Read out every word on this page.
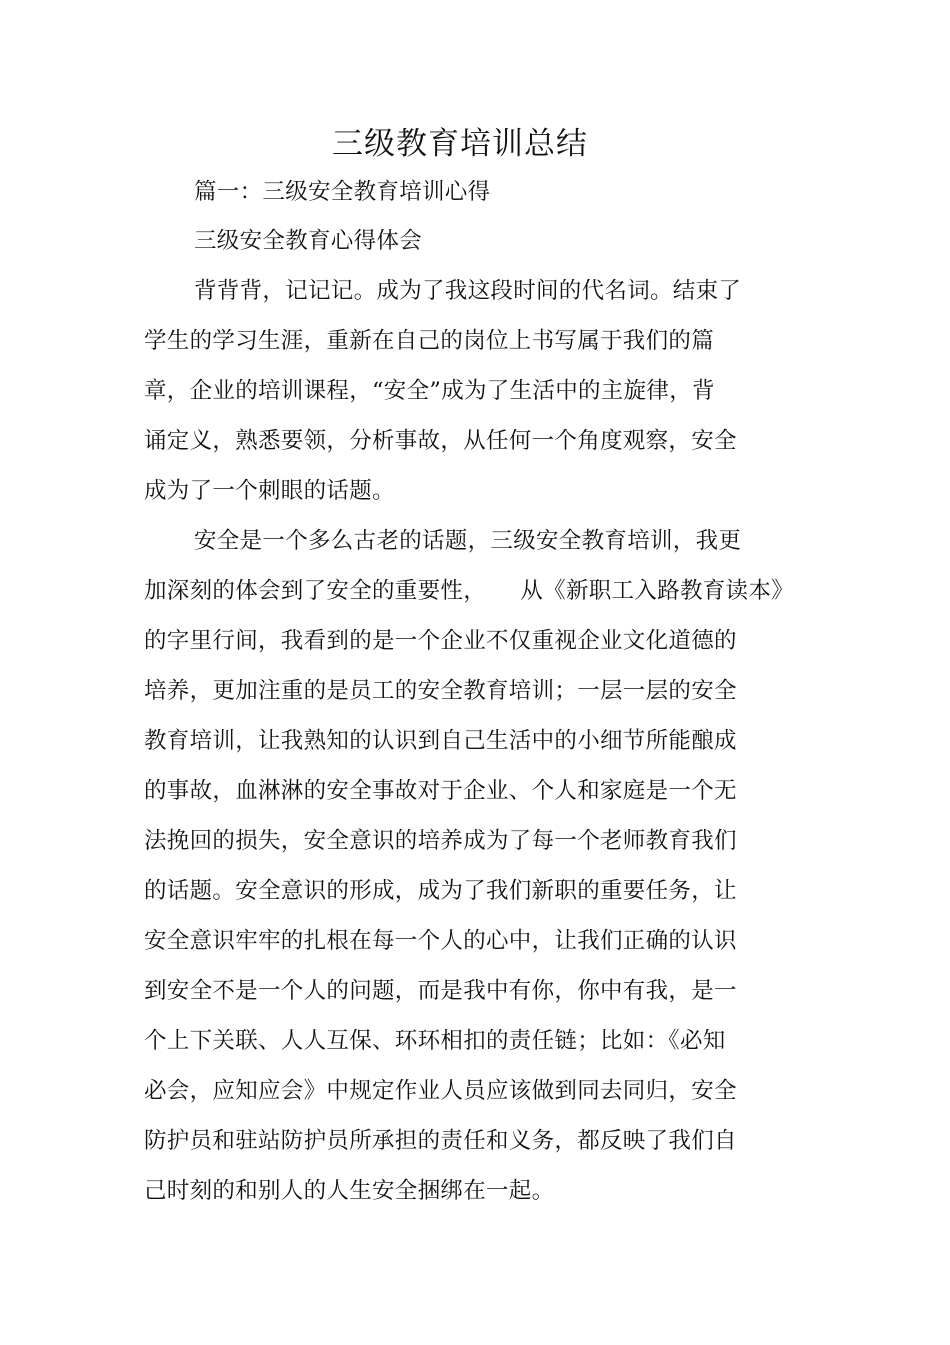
三级教育培训总结
篇一：三级安全教育培训心得
三级安全教育心得体会
背背背，记记记。成为了我这段时间的代名词。结束了
学生的学习生涯，重新在自己的岗位上书写属于我们的篇
章，企业的培训课程，“安全”成为了生活中的主旋律，背
诵定义，熟悉要领，分析事故，从任何一个角度观察，安全
成为了一个刺眼的话题。
安全是一个多么古老的话题，三级安全教育培训，我更
加深刻的体会到了安全的重要性，　　从《新职工入路教育读本》
的字里行间，我看到的是一个企业不仅重视企业文化道德的
培养，更加注重的是员工的安全教育培训；一层一层的安全
教育培训，让我熟知的认识到自己生活中的小细节所能酿成
的事故，血淋淋的安全事故对于企业、个人和家庭是一个无
法挽回的损失，安全意识的培养成为了每一个老师教育我们
的话题。安全意识的形成，成为了我们新职的重要任务，让
安全意识牢牢的扎根在每一个人的心中，让我们正确的认识
到安全不是一个人的问题，而是我中有你，你中有我，是一
个上下关联、人人互保、环环相扣的责任链；比如：《必知
必会，应知应会》中规定作业人员应该做到同去同归，安全
防护员和驻站防护员所承担的责任和义务，都反映了我们自
己时刻的和别人的人生安全捆绑在一起。
